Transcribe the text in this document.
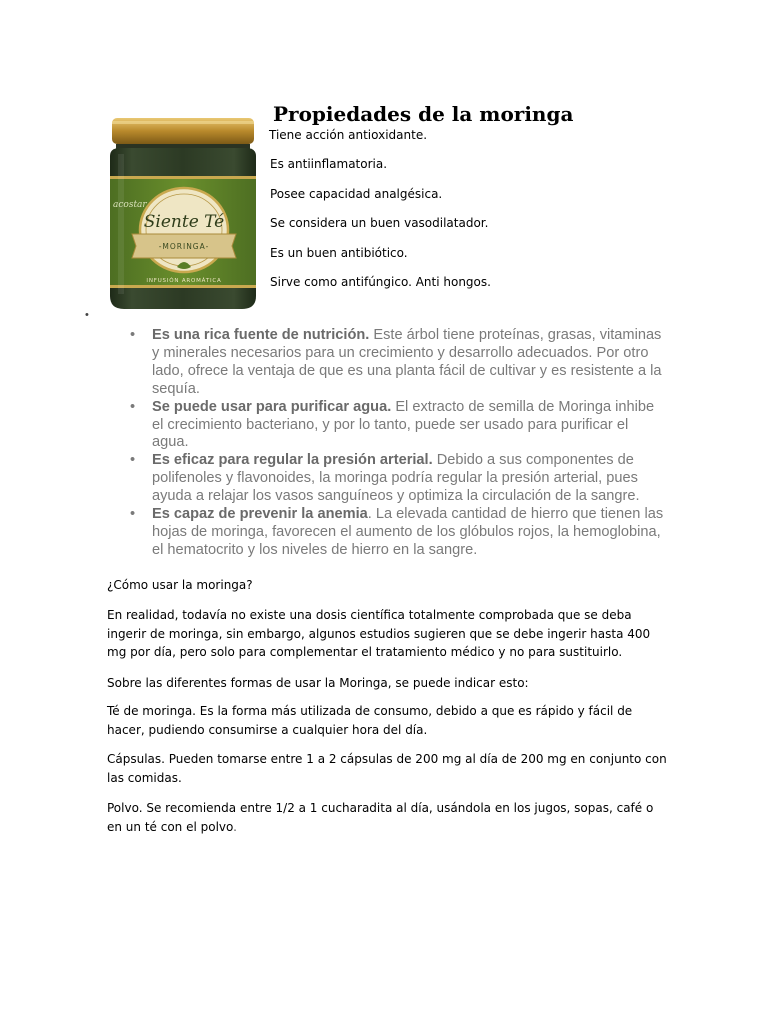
Propiedades de la moringa
acostar
Siente Té
-MORINGA-
INFUSIÓN AROMÁTICA
Tiene acción antioxidante.
Es antiinflamatoria.
Posee capacidad analgésica.
Se considera un buen vasodilatador.
Es un buen antibiótico.
Sirve como antifúngico. Anti hongos.
•
• Es una rica fuente de nutrición. Este árbol tiene proteínas, grasas, vitaminas y minerales necesarios para un crecimiento y desarrollo adecuados. Por otro lado, ofrece la ventaja de que es una planta fácil de cultivar y es resistente a la sequía.
• Se puede usar para purificar agua. El extracto de semilla de Moringa inhibe el crecimiento bacteriano, y por lo tanto, puede ser usado para purificar el agua.
• Es eficaz para regular la presión arterial. Debido a sus componentes de polifenoles y flavonoides, la moringa podría regular la presión arterial, pues ayuda a relajar los vasos sanguíneos y optimiza la circulación de la sangre.
• Es capaz de prevenir la anemia. La elevada cantidad de hierro que tienen las hojas de moringa, favorecen el aumento de los glóbulos rojos, la hemoglobina, el hematocrito y los niveles de hierro en la sangre.

¿Cómo usar la moringa?

En realidad, todavía no existe una dosis científica totalmente comprobada que se deba ingerir de moringa, sin embargo, algunos estudios sugieren que se debe ingerir hasta 400 mg por día, pero solo para complementar el tratamiento médico y no para sustituirlo.

Sobre las diferentes formas de usar la Moringa, se puede indicar esto:

Té de moringa. Es la forma más utilizada de consumo, debido a que es rápido y fácil de hacer, pudiendo consumirse a cualquier hora del día.

Cápsulas. Pueden tomarse entre 1 a 2 cápsulas de 200 mg al día de 200 mg en conjunto con las comidas.

Polvo. Se recomienda entre 1/2 a 1 cucharadita al día, usándola en los jugos, sopas, café o en un té con el polvo.
